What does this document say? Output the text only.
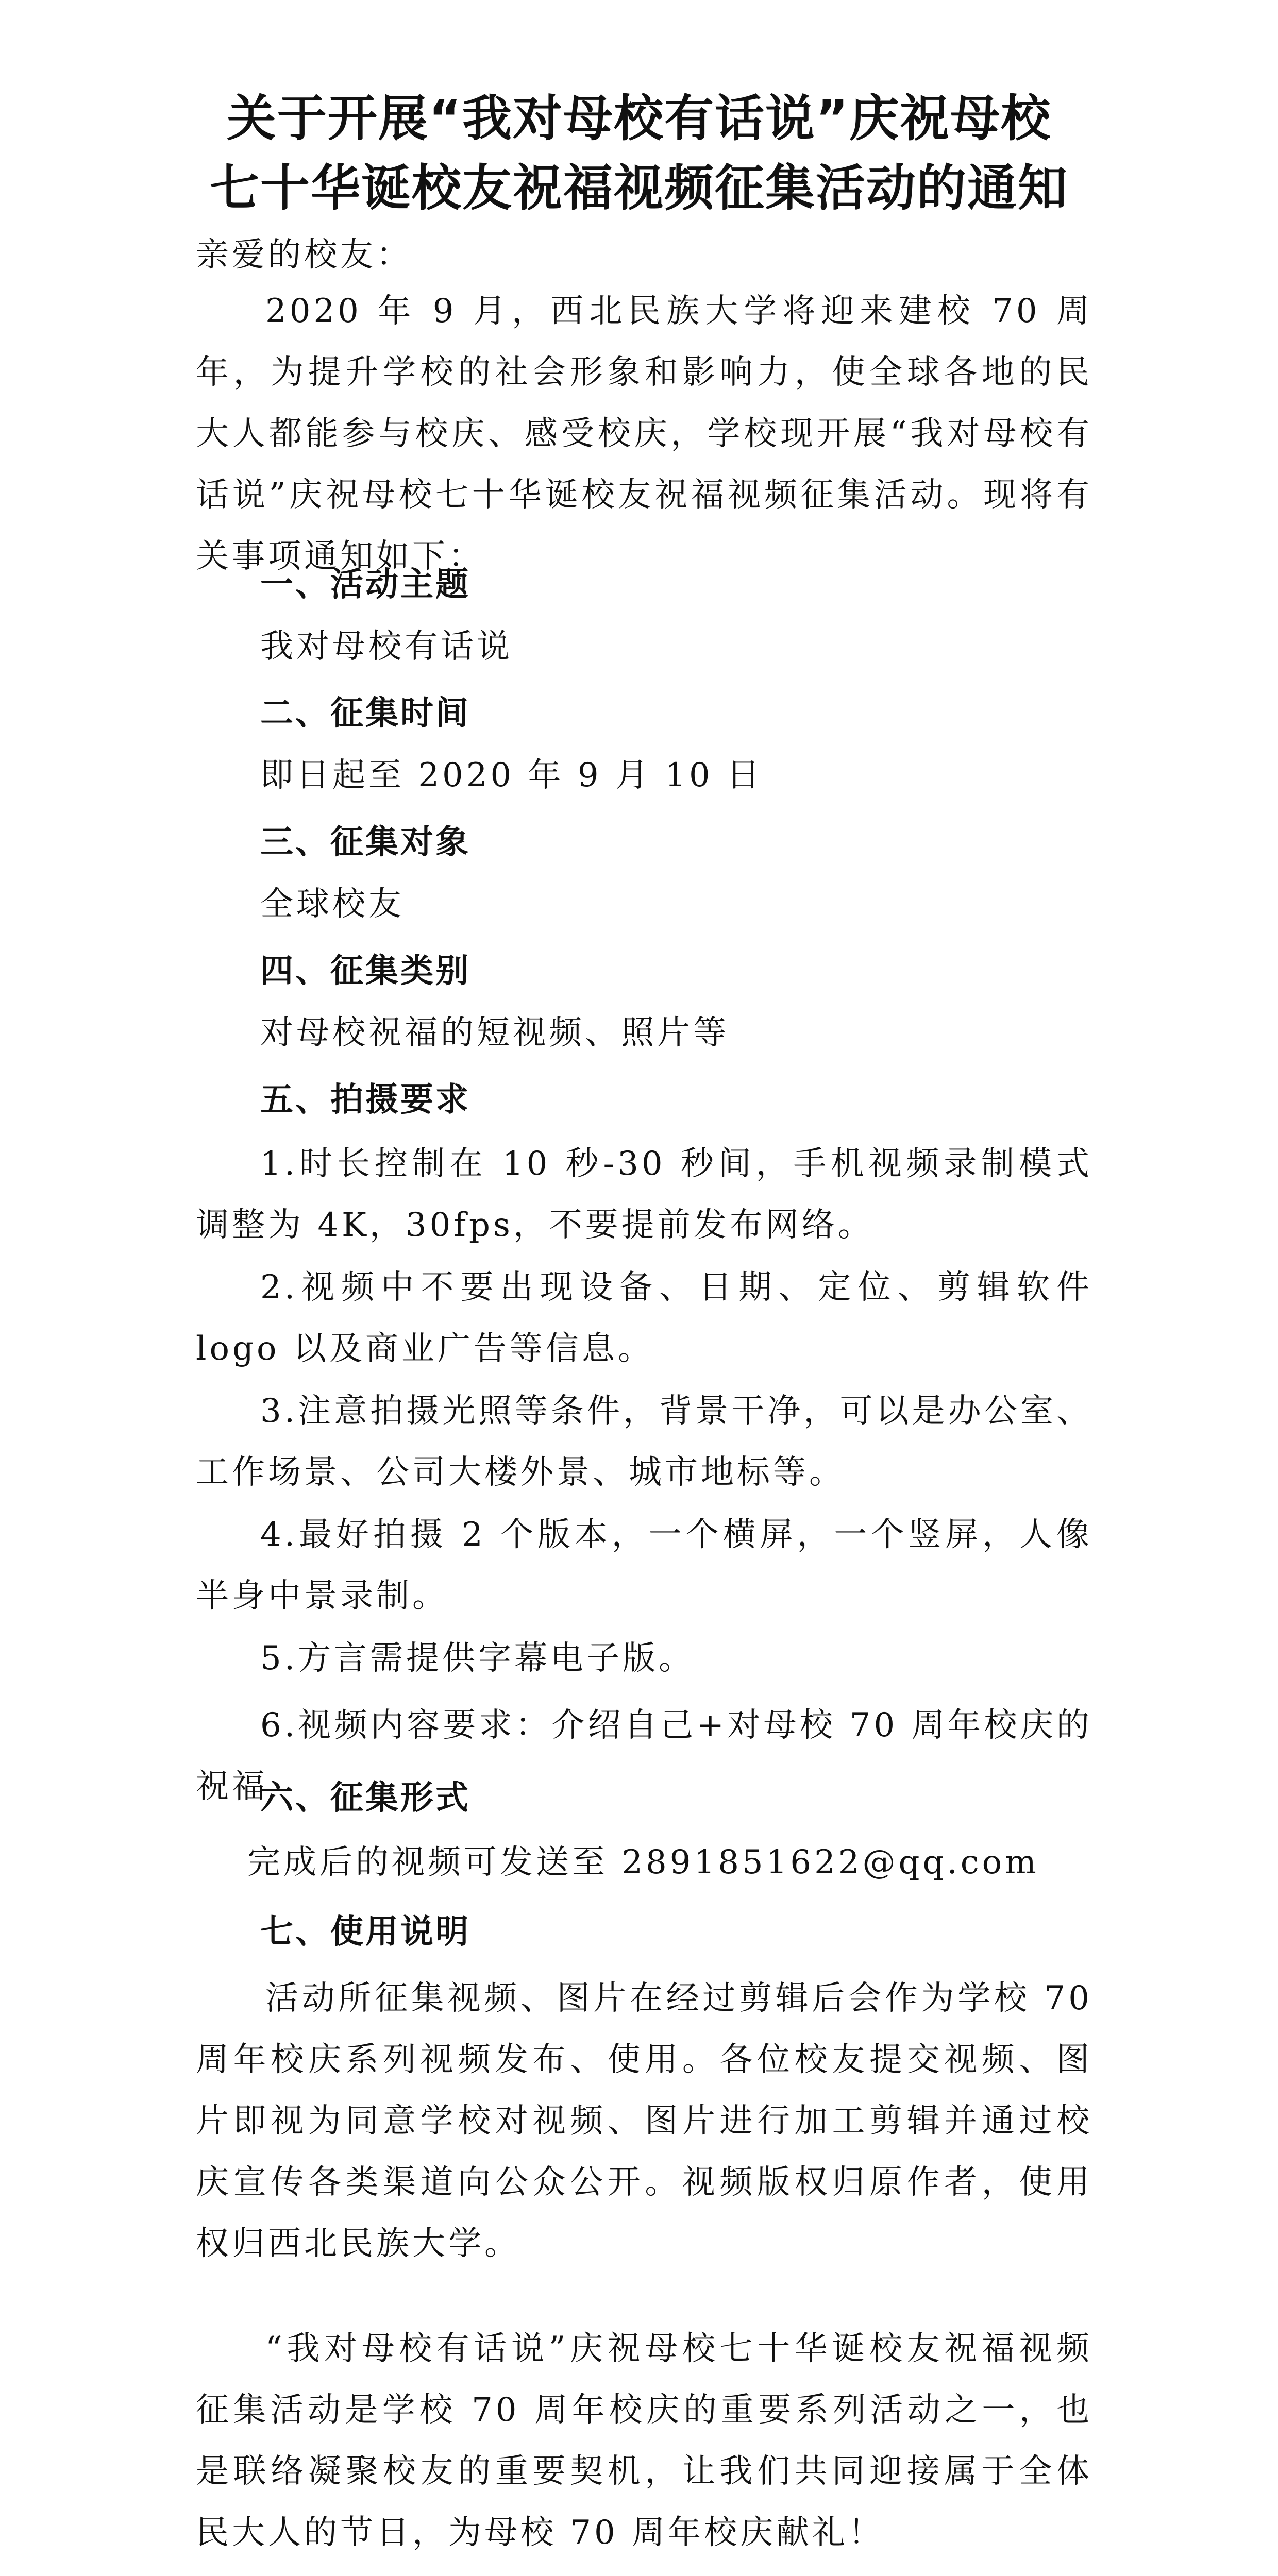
关于开展“我对母校有话说”庆祝母校
七十华诞校友祝福视频征集活动的通知
亲爱的校友：
2020 年 9 月，西北民族大学将迎来建校 70 周年，为提升学校的社会形象和影响力，使全球各地的民大人都能参与校庆、感受校庆，学校现开展“我对母校有话说”庆祝母校七十华诞校友祝福视频征集活动。现将有关事项通知如下：
一、活动主题
我对母校有话说
二、征集时间
即日起至 2020 年 9 月 10 日
三、征集对象
全球校友
四、征集类别
对母校祝福的短视频、照片等
五、拍摄要求
1.时长控制在 10 秒-30 秒间，手机视频录制模式调整为 4K，30fps，不要提前发布网络。
2.视频中不要出现设备、日期、定位、剪辑软件 logo 以及商业广告等信息。
3.注意拍摄光照等条件，背景干净，可以是办公室、工作场景、公司大楼外景、城市地标等。
4.最好拍摄 2 个版本，一个横屏，一个竖屏，人像半身中景录制。
5.方言需提供字幕电子版。
6.视频内容要求：介绍自己+对母校 70 周年校庆的祝福
六、征集形式
完成后的视频可发送至 2891851622@qq.com
七、使用说明
活动所征集视频、图片在经过剪辑后会作为学校 70 周年校庆系列视频发布、使用。各位校友提交视频、图片即视为同意学校对视频、图片进行加工剪辑并通过校庆宣传各类渠道向公众公开。视频版权归原作者，使用权归西北民族大学。
“我对母校有话说”庆祝母校七十华诞校友祝福视频征集活动是学校 70 周年校庆的重要系列活动之一，也是联络凝聚校友的重要契机，让我们共同迎接属于全体民大人的节日，为母校 70 周年校庆献礼！
